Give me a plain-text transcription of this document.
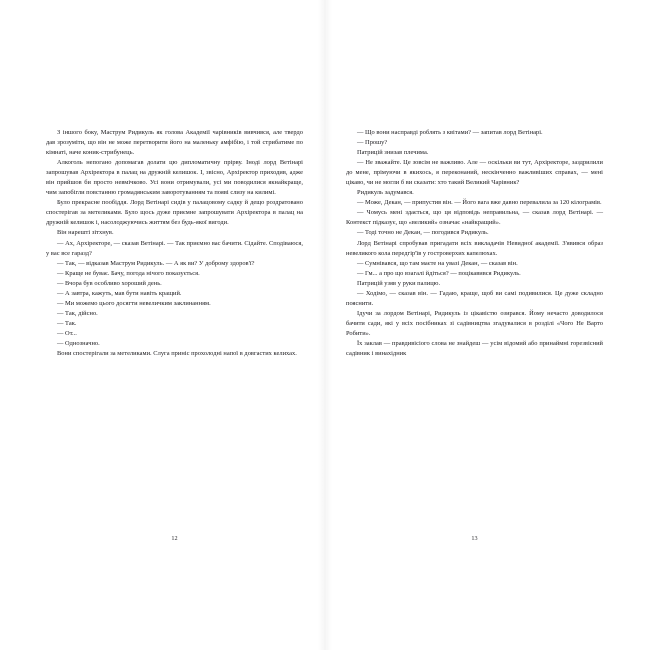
З іншого боку, Маструм Ридикуль як голова Академії чарівників вивчився, але твердо дав зрозуміти, що він не може перетворити його на маленьку амфібію, і той стрибатиме по кімнаті, наче коник-стрибунець.

Алкоголь непогано допомагав долати цю дипломатичну прірву. Іноді лорд Ветінарі запрошував Архіректора в палац на дружній келишок. І, звісно, Архіректор приходив, адже він прийшов би просто невмічково. Усі вони отримували, усі ми поводилися якнайкраще, чим запобігли повстанню громадянським заворотуванням та появі слизу на килимі.

Було прекрасне пообіддя. Лорд Ветінарі сидів у палацовому садку й дещо роздратовано спостерігав за метеликами. Було щось дуже приємне запрошувати Архіректора в палац на дружній келишок і, насолоджуючись життям без будь-якої вигоди.

Він нарешті зітхнув.

— Ах, Архіректоре, — сказав Ветінарі. — Так приємно вас бачити. Сідайте. Сподіваюся, у вас все гаразд?

— Так, — відказав Маструм Ридикуль. — А як ви? У доброму здоров'ї?

— Краще не буває. Бачу, погода нічого показується.

— Вчора був особливо хороший день.

— А завтра, кажуть, мав бути навіть кращий.

— Ми можемо цього досягти невеличким заклинанням.

— Так, дійсно.

— Так.

— От...

— Однозначно.

Вони спостерігали за метеликами. Слуга приніс прохолодні напої в довгастих келихах.

12

— Що вони насправді роблять з квітами? — запитав лорд Ветінарі.

— Прошу?

Патрицій знизав плечима.

— Не зважайте. Це зовсім не важливо. Але — оскільки ви тут, Архіректоре, заздрилили до мене, прімуючи в якихось, я переконаний, нескінченно важливіших справах, — мені цікаво, чи не могли б ви сказати: хто такий Великий Чарівник?

Ридикуль задумався.

— Може, Декан, — припустив він. — Його вага вже давно перевалила за 120 кілограмів.

— Чомусь мені здається, що ця відповідь неправильна, — сказав лорд Ветінарі. — Контекст підказує, що «великий» означає «найкращий».

— Тоді точно не Декан, — погодився Ридикуль.

Лорд Ветінарі спробував пригадати всіх викладачів Невидної академії. З'явився образ невеликого кола передгір'їв у гостроверхих капелюхах.

— Сумнівався, що там маєте на увазі Декан, — сказав він.

— Гм... а про що взагалі йдіться? — поцікавився Ридикуль.

Патрицій узяв у руки палицю.

— Ходімо, — сказав він. — Гадаю, краще, щоб ви самі подивилися. Це дуже складно пояснити.

Ідучи за лордом Ветінарі, Ридикуль із цікавістю озирався. Йому нечасто доводилося бачити сади, які у всіх посібниках зі садівництва згадувалися в розділі «Чого Не Варто Робити».

Їх заклав — правдивісіого слова не знайдеш — усім відомий або принаймні горезвісний садівник і винахідник

13
